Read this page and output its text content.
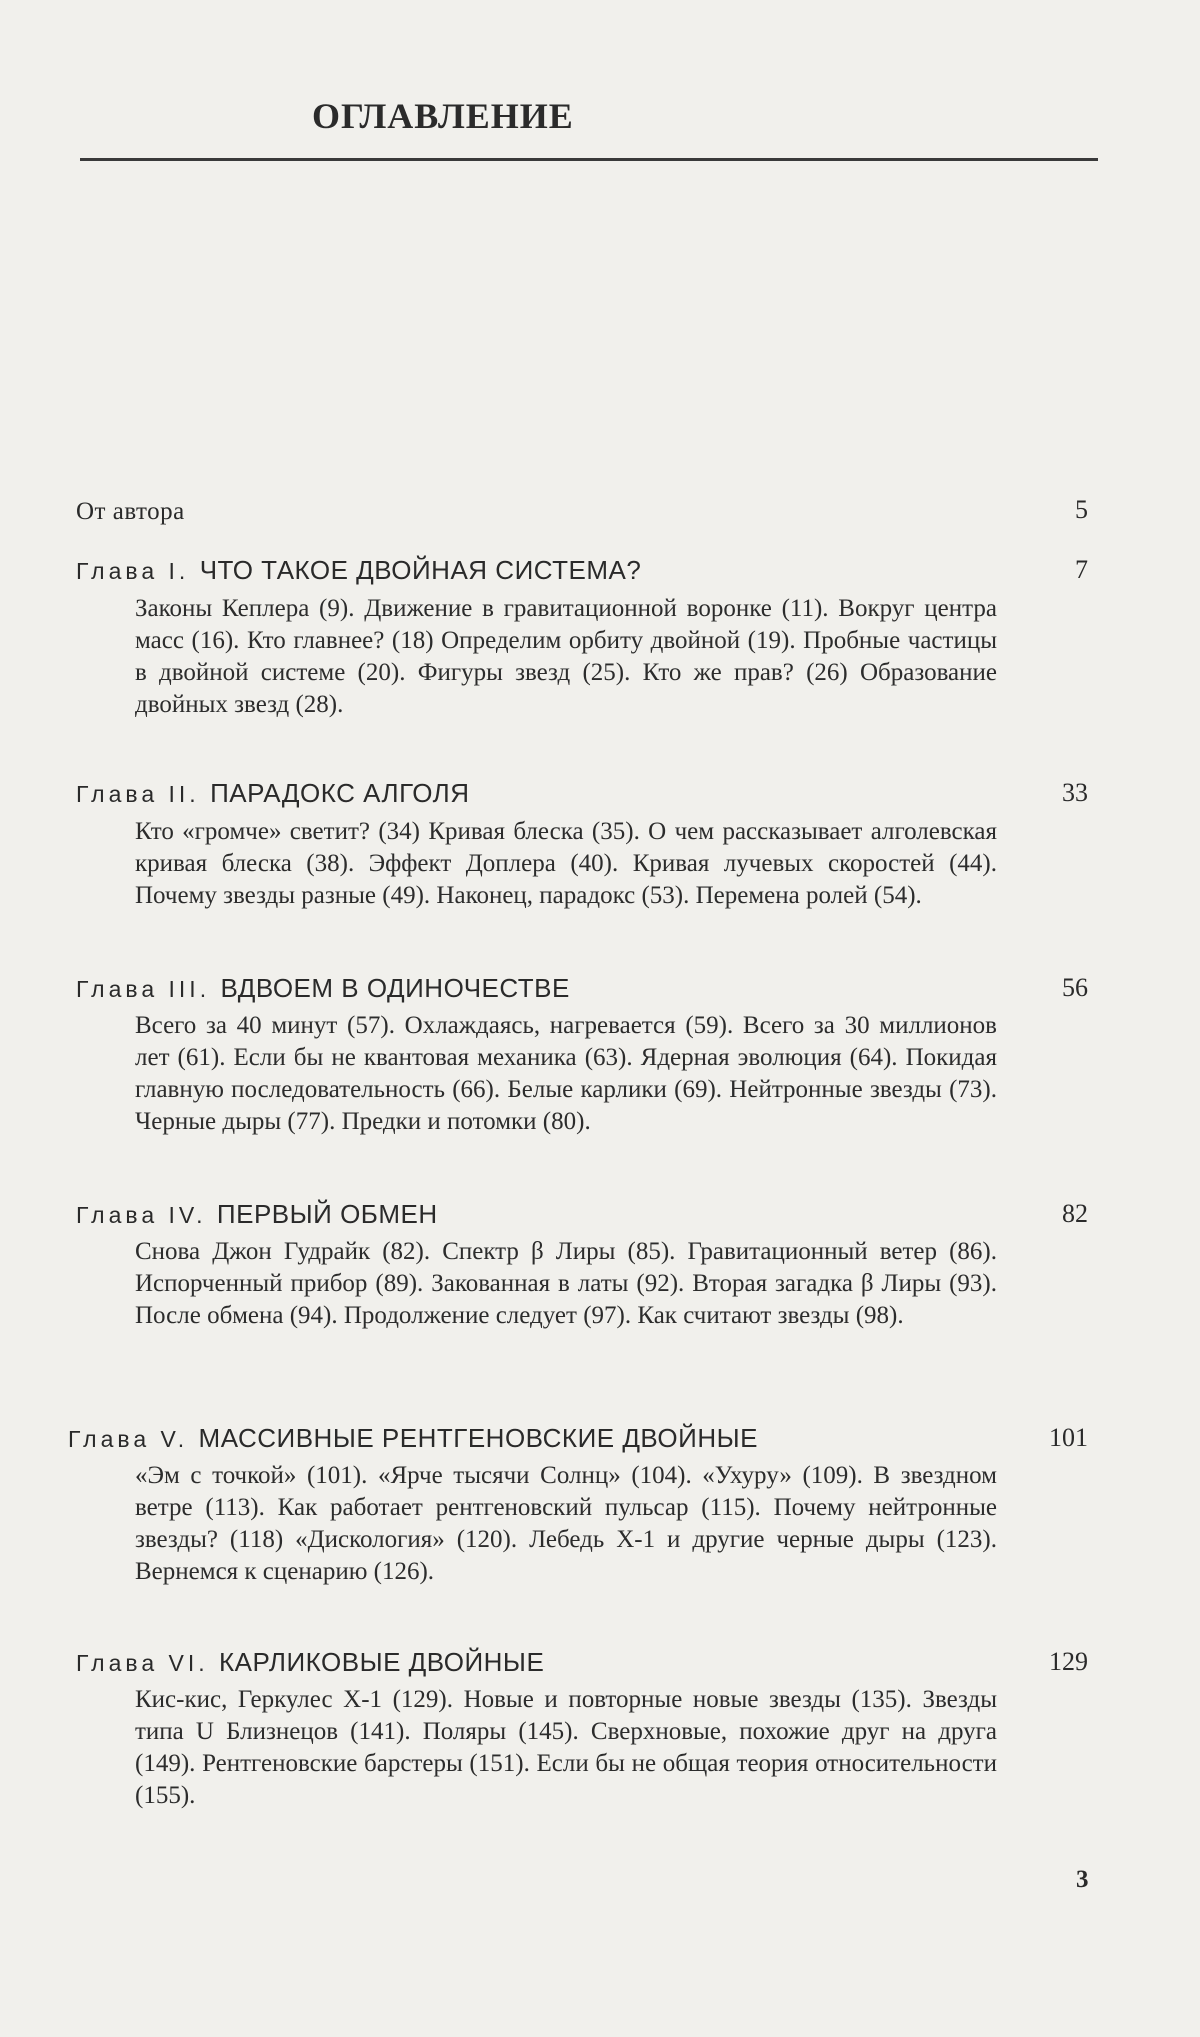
ОГЛАВЛЕНИЕ
От автора	5
Глава I. ЧТО ТАКОЕ ДВОЙНАЯ СИСТЕМА?	7
Законы Кеплера (9). Движение в гравитационной воронке (11). Вокруг центра масс (16). Кто главнее? (18) Определим орбиту двойной (19). Пробные частицы в двойной системе (20). Фигуры звезд (25). Кто же прав? (26) Образование двойных звезд (28).
Глава II. ПАРАДОКС АЛГОЛЯ	33
Кто «громче» светит? (34) Кривая блеска (35). О чем рассказывает алголевская кривая блеска (38). Эффект Доплера (40). Кривая лучевых скоростей (44). Почему звезды разные (49). Наконец, парадокс (53). Перемена ролей (54).
Глава III. ВДВОЕМ В ОДИНОЧЕСТВЕ	56
Всего за 40 минут (57). Охлаждаясь, нагревается (59). Всего за 30 миллионов лет (61). Если бы не квантовая механика (63). Ядерная эволюция (64). Покидая главную последовательность (66). Белые карлики (69). Нейтронные звезды (73). Черные дыры (77). Предки и потомки (80).
Глава IV. ПЕРВЫЙ ОБМЕН	82
Снова Джон Гудрайк (82). Спектр β Лиры (85). Гравитационный ветер (86). Испорченный прибор (89). Закованная в латы (92). Вторая загадка β Лиры (93). После обмена (94). Продолжение следует (97). Как считают звезды (98).
Глава V. МАССИВНЫЕ РЕНТГЕНОВСКИЕ ДВОЙНЫЕ	101
«Эм с точкой» (101). «Ярче тысячи Солнц» (104). «Ухуру» (109). В звездном ветре (113). Как работает рентгеновский пульсар (115). Почему нейтронные звезды? (118) «Дискология» (120). Лебедь Х-1 и другие черные дыры (123). Вернемся к сценарию (126).
Глава VI. КАРЛИКОВЫЕ ДВОЙНЫЕ	129
Кис-кис, Геркулес Х-1 (129). Новые и повторные новые звезды (135). Звезды типа U Близнецов (141). Поляры (145). Сверхновые, похожие друг на друга (149). Рентгеновские барстеры (151). Если бы не общая теория относительности (155).
3
